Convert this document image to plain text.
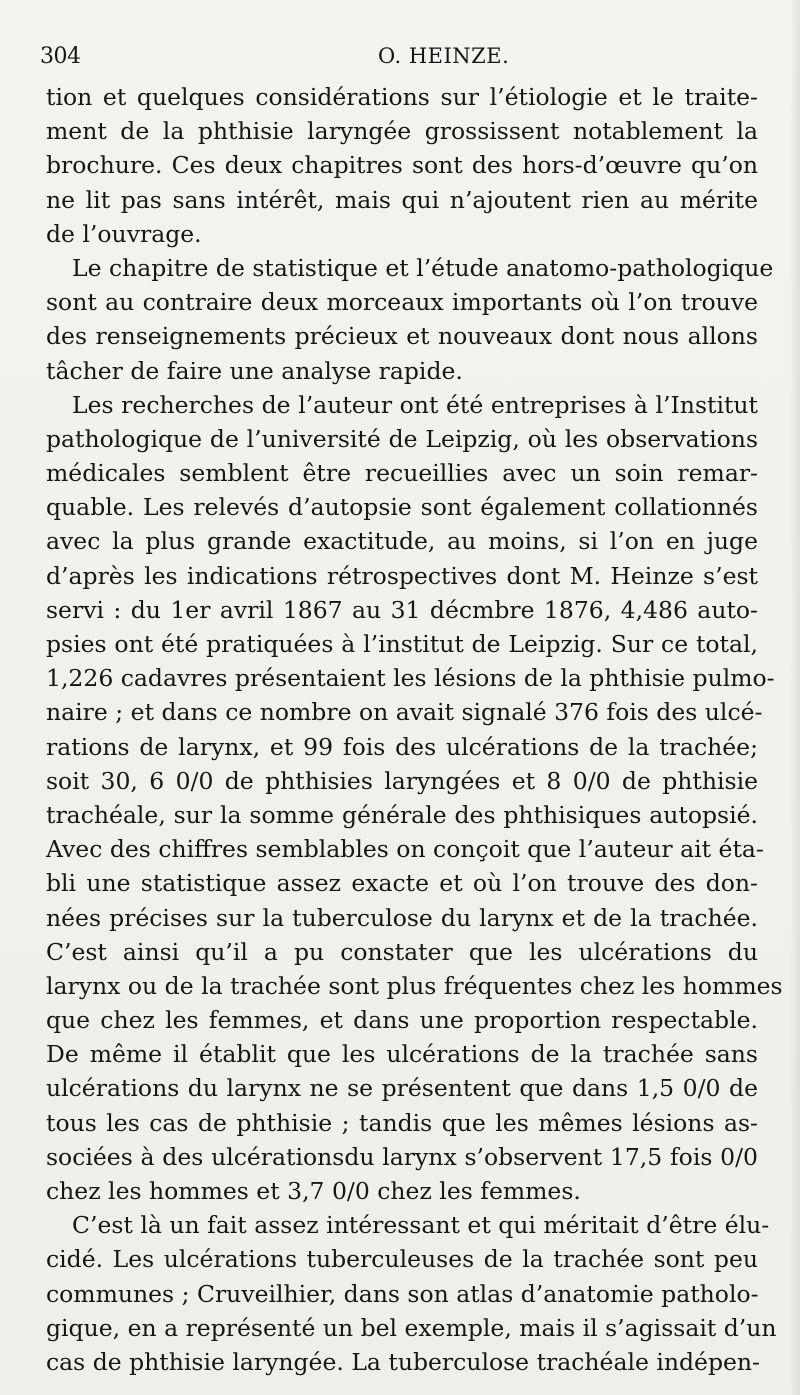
304	O. HEINZE.
tion et quelques considérations sur l’étiologie et le traite-
ment de la phthisie laryngée grossissent notablement la
brochure. Ces deux chapitres sont des hors-d’œuvre qu’on
ne lit pas sans intérêt, mais qui n’ajoutent rien au mérite
de l’ouvrage.
Le chapitre de statistique et l’étude anatomo-pathologique
sont au contraire deux morceaux importants où l’on trouve
des renseignements précieux et nouveaux dont nous allons
tâcher de faire une analyse rapide.
Les recherches de l’auteur ont été entreprises à l’Institut
pathologique de l’université de Leipzig, où les observations
médicales semblent être recueillies avec un soin remar-
quable. Les relevés d’autopsie sont également collationnés
avec la plus grande exactitude, au moins, si l’on en juge
d’après les indications rétrospectives dont M. Heinze s’est
servi : du 1er avril 1867 au 31 décmbre 1876, 4,486 auto-
psies ont été pratiquées à l’institut de Leipzig. Sur ce total,
1,226 cadavres présentaient les lésions de la phthisie pulmo-
naire ; et dans ce nombre on avait signalé 376 fois des ulcé-
rations de larynx, et 99 fois des ulcérations de la trachée;
soit 30, 6 0/0 de phthisies laryngées et 8 0/0 de phthisie
trachéale, sur la somme générale des phthisiques autopsié.
Avec des chiffres semblables on conçoit que l’auteur ait éta-
bli une statistique assez exacte et où l’on trouve des don-
nées précises sur la tuberculose du larynx et de la trachée.
C’est ainsi qu’il a pu constater que les ulcérations du
larynx ou de la trachée sont plus fréquentes chez les hommes
que chez les femmes, et dans une proportion respectable.
De même il établit que les ulcérations de la trachée sans
ulcérations du larynx ne se présentent que dans 1,5 0/0 de
tous les cas de phthisie ; tandis que les mêmes lésions as-
sociées à des ulcérationsdu larynx s’observent 17,5 fois 0/0
chez les hommes et 3,7 0/0 chez les femmes.
C’est là un fait assez intéressant et qui méritait d’être élu-
cidé. Les ulcérations tuberculeuses de la trachée sont peu
communes ; Cruveilhier, dans son atlas d’anatomie patholo-
gique, en a représenté un bel exemple, mais il s’agissait d’un
cas de phthisie laryngée. La tuberculose trachéale indépen-
